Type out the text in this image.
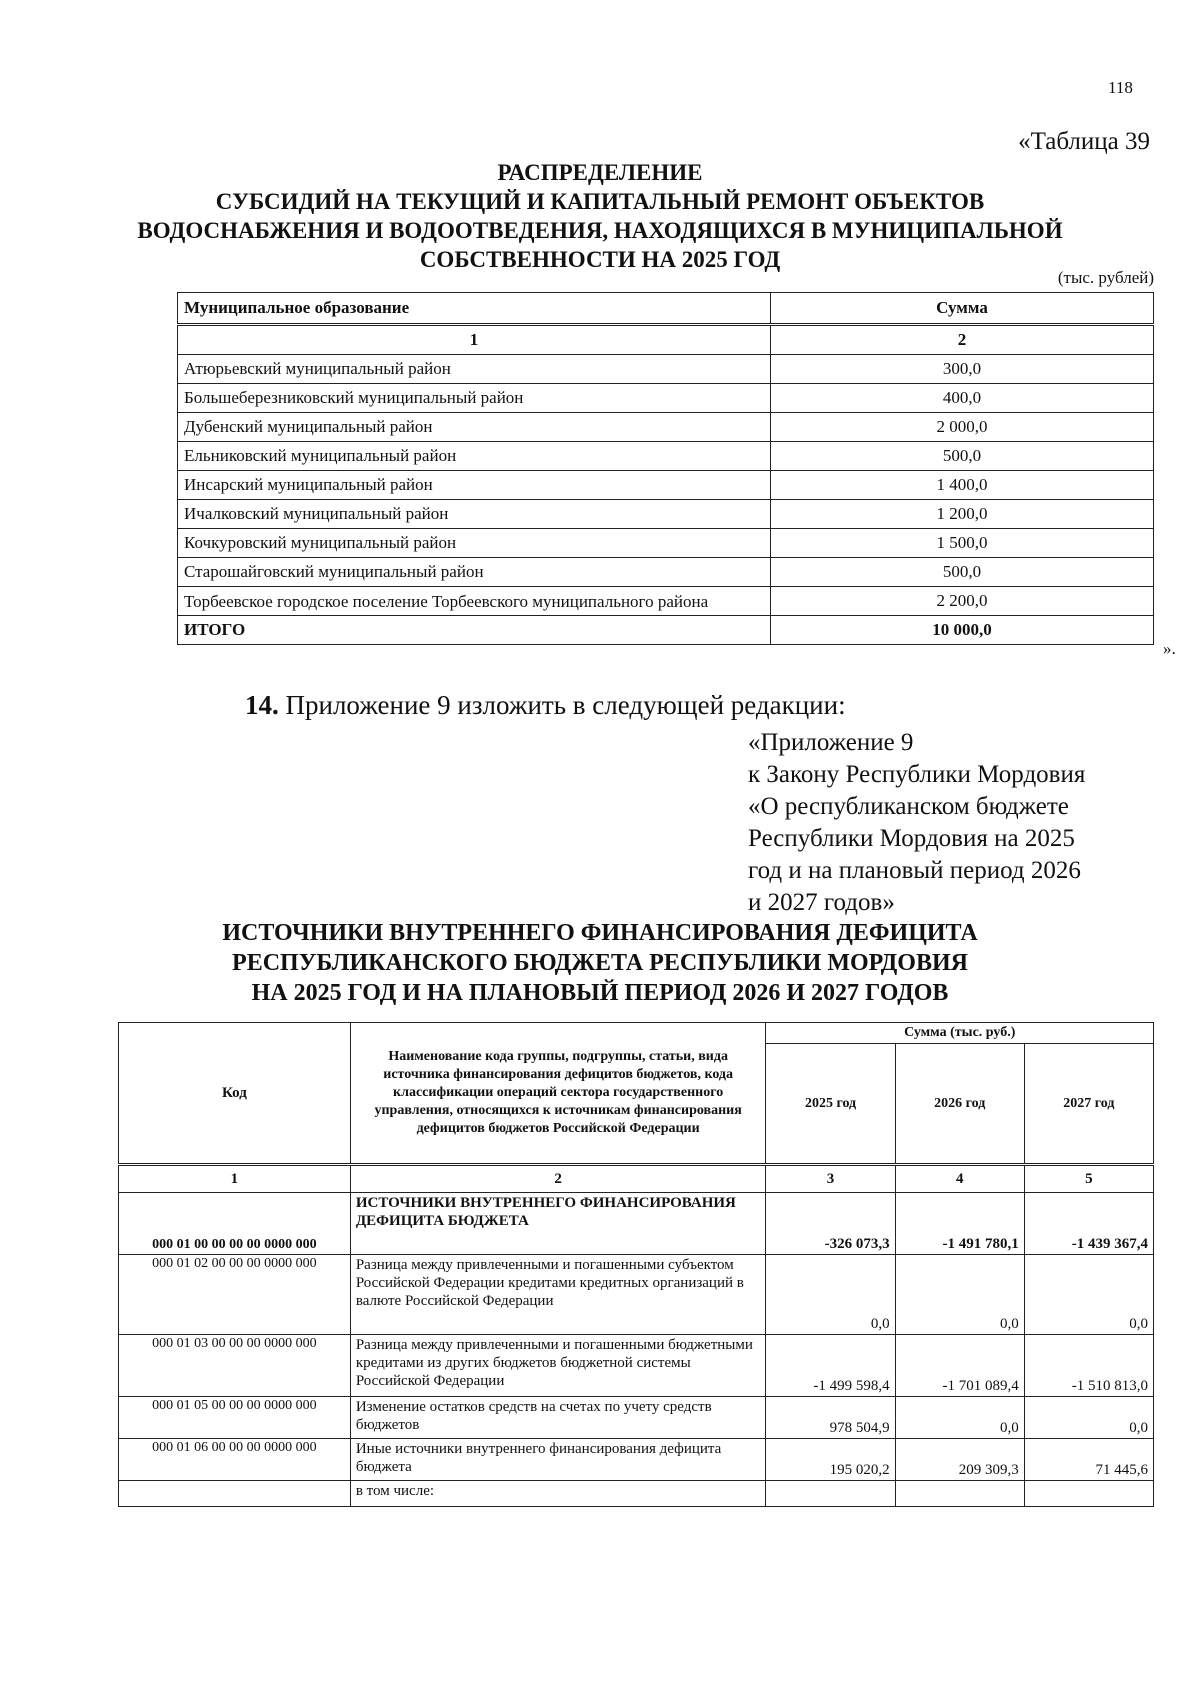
118
«Таблица 39
РАСПРЕДЕЛЕНИЕ
СУБСИДИЙ НА ТЕКУЩИЙ И КАПИТАЛЬНЫЙ РЕМОНТ ОБЪЕКТОВ
ВОДОСНАБЖЕНИЯ И ВОДООТВЕДЕНИЯ, НАХОДЯЩИХСЯ В МУНИЦИПАЛЬНОЙ
СОБСТВЕННОСТИ НА 2025 ГОД
(тыс. рублей)
Муниципальное образование	Сумма
1	2
Атюрьевский муниципальный район	300,0
Большеберезниковский муниципальный район	400,0
Дубенский муниципальный район	2 000,0
Ельниковский муниципальный район	500,0
Инсарский муниципальный район	1 400,0
Ичалковский муниципальный район	1 200,0
Кочкуровский муниципальный район	1 500,0
Старошайговский муниципальный район	500,0
Торбеевское городское поселение Торбеевского муниципального района	2 200,0
ИТОГО	10 000,0
».
14. Приложение 9 изложить в следующей редакции:
«Приложение 9
к Закону Республики Мордовия
«О республиканском бюджете
Республики Мордовия на 2025
год и на плановый период 2026
и 2027 годов»
ИСТОЧНИКИ ВНУТРЕННЕГО ФИНАНСИРОВАНИЯ ДЕФИЦИТА
РЕСПУБЛИКАНСКОГО БЮДЖЕТА РЕСПУБЛИКИ МОРДОВИЯ
НА 2025 ГОД И НА ПЛАНОВЫЙ ПЕРИОД 2026 И 2027 ГОДОВ
Код	Наименование кода группы, подгруппы, статьи, вида источника финансирования дефицитов бюджетов, кода классификации операций сектора государственного управления, относящихся к источникам финансирования дефицитов бюджетов Российской Федерации	Сумма (тыс. руб.)		
		2025 год	2026 год	2027 год
1	2	3	4	5
000 01 00 00 00 00 0000 000	ИСТОЧНИКИ ВНУТРЕННЕГО ФИНАНСИРОВАНИЯ ДЕФИЦИТА БЮДЖЕТА	-326 073,3	-1 491 780,1	-1 439 367,4
000 01 02 00 00 00 0000 000	Разница между привлеченными и погашенными субъектом Российской Федерации кредитами кредитных организаций в валюте Российской Федерации	0,0	0,0	0,0
000 01 03 00 00 00 0000 000	Разница между привлеченными и погашенными бюджетными кредитами из других бюджетов бюджетной системы Российской Федерации	-1 499 598,4	-1 701 089,4	-1 510 813,0
000 01 05 00 00 00 0000 000	Изменение остатков средств на счетах по учету средств бюджетов	978 504,9	0,0	0,0
000 01 06 00 00 00 0000 000	Иные источники внутреннего финансирования дефицита бюджета	195 020,2	209 309,3	71 445,6
	в том числе:			
